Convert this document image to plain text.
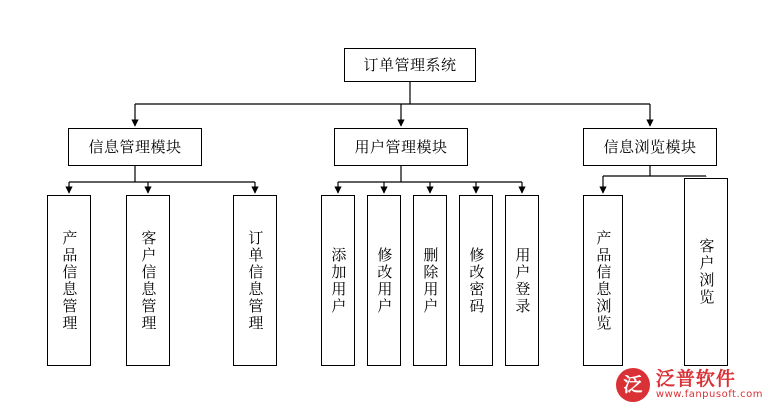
订单管理系统
信息管理模块	用户管理模块	信息浏览模块
产品信息管理	客户信息管理	订单信息管理	添加用户 修改用户 删除用户 修改密码 用户登录	产品信息浏览	客户浏览
泛 泛普软件
www.fanpusoft.com
